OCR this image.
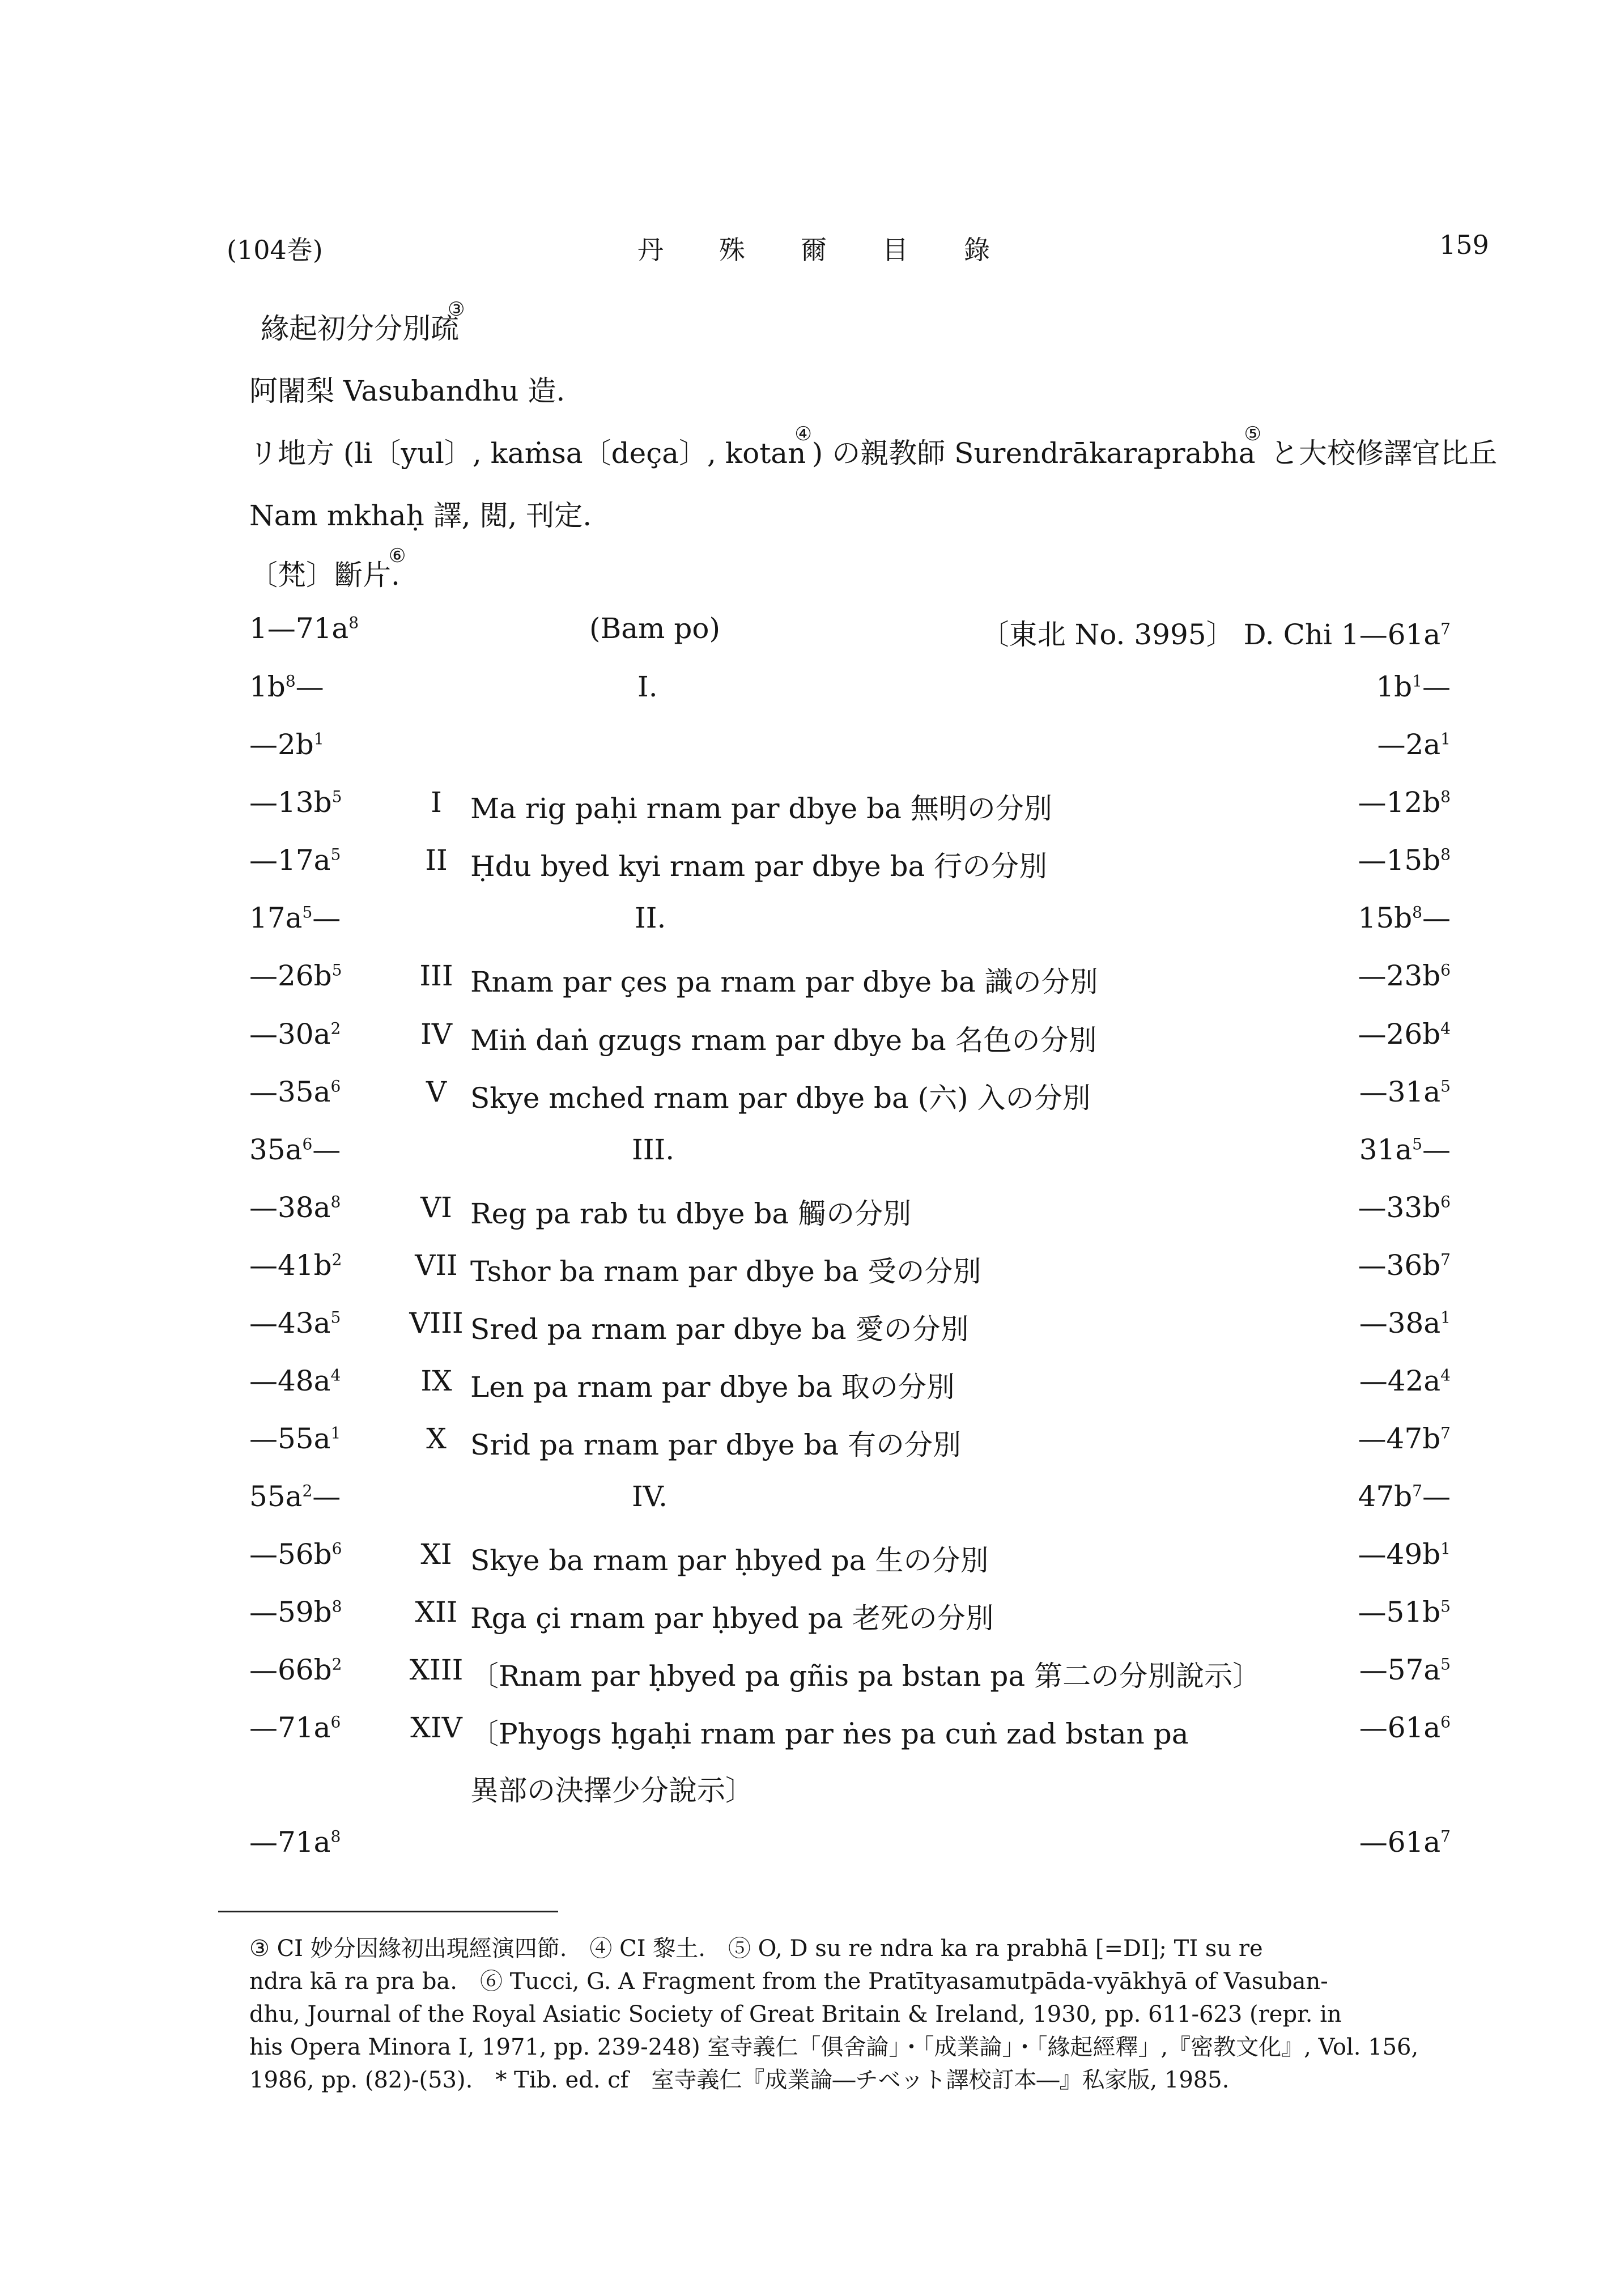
(104巻)	丹殊爾目錄	159
緣起初分分別疏③
阿闍梨 Vasubandhu 造.
リ地方 (li〔yul〕, kaṁsa〔deça〕, kotan④) の親教師 Surendrākaraprabha⑤ と大校修譯官比丘
Nam mkhaḥ 譯, 閲, 刊定.
〔梵〕斷片.⑥
$1—71a^8$	(Bam po)	〔東北 No. 3995〕 D. Chi $1—61a^7$
$1b^8—$	I.	$1b^1—$
$—2b^1$	$—2a^1$
$—13b^5$	I	Ma rig paḥi rnam par dbye ba 無明の分別	$—12b^8$
$—17a^5$	II Ḥdu byed kyi rnam par dbye ba 行の分別	$—15b^8$
$17a^5—$	II.	$15b^8—$
$—26b^5$	III Rnam par çes pa rnam par dbye ba 識の分別	$—23b^6$
$—30a^2$	IV Miṅ daṅ gzugs rnam par dbye ba 名色の分別	$—26b^4$
$—35a^6$	V Skye mched rnam par dbye ba (六) 入の分別	$—31a^5$
$35a^6—$	III.	$31a^5—$
$—38a^8$	VI Reg pa rab tu dbye ba 觸の分別	$—33b^6$
$—41b^2$	VII Tshor ba rnam par dbye ba 受の分別	$—36b^7$
$—43a^5$ VIII Sred pa rnam par dbye ba 愛の分別	$—38a^1$
$—48a^4$	IX Len pa rnam par dbye ba 取の分別	$—42a^4$
$—55a^1$	X Srid pa rnam par dbye ba 有の分別	$—47b^7$
$55a^2—$	IV.	$47b^7—$
$—56b^6$	XI Skye ba rnam par ḥbyed pa 生の分別	$—49b^1$
$—59b^8$	XII Rga çi rnam par ḥbyed pa 老死の分別	$—51b^5$
$—66b^2$ XIII 〔Rnam par ḥbyed pa gñis pa bstan pa 第二の分別說示〕	$—57a^5$
$—71a^6$ XIV 〔Phyogs ḥgaḥi rnam par ṅes pa cuṅ zad bstan pa	$—61a^6$
異部の決擇少分說示〕
$—71a^8$	$—61a^7$
③ CI 妙分因緣初出現經演四節.　④ CI 黎土.　⑤ O, D su re ndra ka ra prabhā [=DI]; TI su re
ndra kā ra pra ba.　⑥ Tucci, G. A Fragment from the Pratītyasamutpāda-vyākhyā of Vasuban-
dhu, Journal of the Royal Asiatic Society of Great Britain & Ireland, 1930, pp. 611-623 (repr. in
his Opera Minora I, 1971, pp. 239-248) 室寺義仁「俱舍論」・「成業論」・「緣起經釋」,『密教文化』, Vol. 156,
1986, pp. (82)-(53).　* Tib. ed. cf　室寺義仁『成業論―チベット譯校訂本―』私家版, 1985.
